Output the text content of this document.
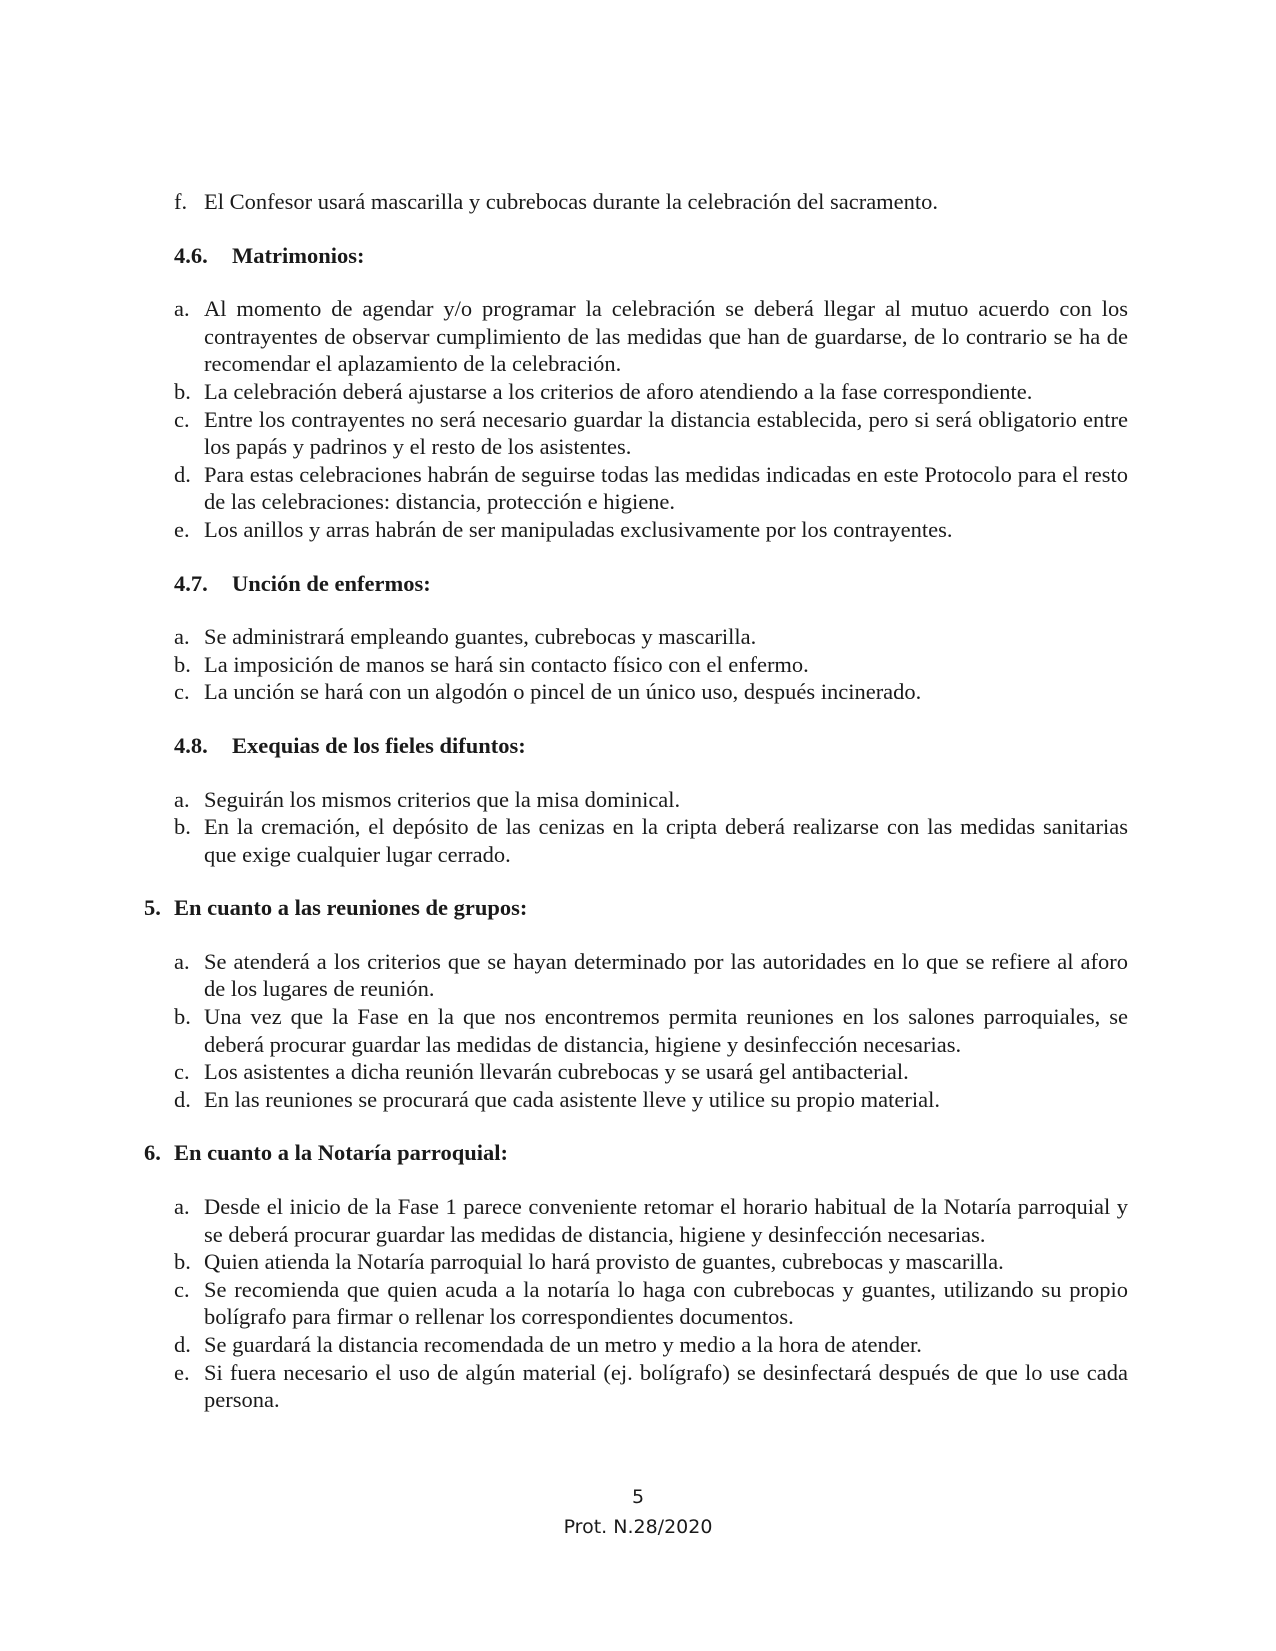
f. El Confesor usará mascarilla y cubrebocas durante la celebración del sacramento.
4.6.	Matrimonios:
a. Al momento de agendar y/o programar la celebración se deberá llegar al mutuo acuerdo con los contrayentes de observar cumplimiento de las medidas que han de guardarse, de lo contrario se ha de recomendar el aplazamiento de la celebración.
b. La celebración deberá ajustarse a los criterios de aforo atendiendo a la fase correspondiente.
c. Entre los contrayentes no será necesario guardar la distancia establecida, pero si será obligatorio entre los papás y padrinos y el resto de los asistentes.
d. Para estas celebraciones habrán de seguirse todas las medidas indicadas en este Protocolo para el resto de las celebraciones: distancia, protección e higiene.
e. Los anillos y arras habrán de ser manipuladas exclusivamente por los contrayentes.
4.7.	Unción de enfermos:
a. Se administrará empleando guantes, cubrebocas y mascarilla.
b. La imposición de manos se hará sin contacto físico con el enfermo.
c. La unción se hará con un algodón o pincel de un único uso, después incinerado.
4.8.	Exequias de los fieles difuntos:
a. Seguirán los mismos criterios que la misa dominical.
b. En la cremación, el depósito de las cenizas en la cripta deberá realizarse con las medidas sanitarias que exige cualquier lugar cerrado.
5. En cuanto a las reuniones de grupos:
a. Se atenderá a los criterios que se hayan determinado por las autoridades en lo que se refiere al aforo de los lugares de reunión.
b. Una vez que la Fase en la que nos encontremos permita reuniones en los salones parroquiales, se deberá procurar guardar las medidas de distancia, higiene y desinfección necesarias.
c. Los asistentes a dicha reunión llevarán cubrebocas y se usará gel antibacterial.
d. En las reuniones se procurará que cada asistente lleve y utilice su propio material.
6. En cuanto a la Notaría parroquial:
a. Desde el inicio de la Fase 1 parece conveniente retomar el horario habitual de la Notaría parroquial y se deberá procurar guardar las medidas de distancia, higiene y desinfección necesarias.
b. Quien atienda la Notaría parroquial lo hará provisto de guantes, cubrebocas y mascarilla.
c. Se recomienda que quien acuda a la notaría lo haga con cubrebocas y guantes, utilizando su propio bolígrafo para firmar o rellenar los correspondientes documentos.
d. Se guardará la distancia recomendada de un metro y medio a la hora de atender.
e. Si fuera necesario el uso de algún material (ej. bolígrafo) se desinfectará después de que lo use cada persona.
5
Prot. N.28/2020
